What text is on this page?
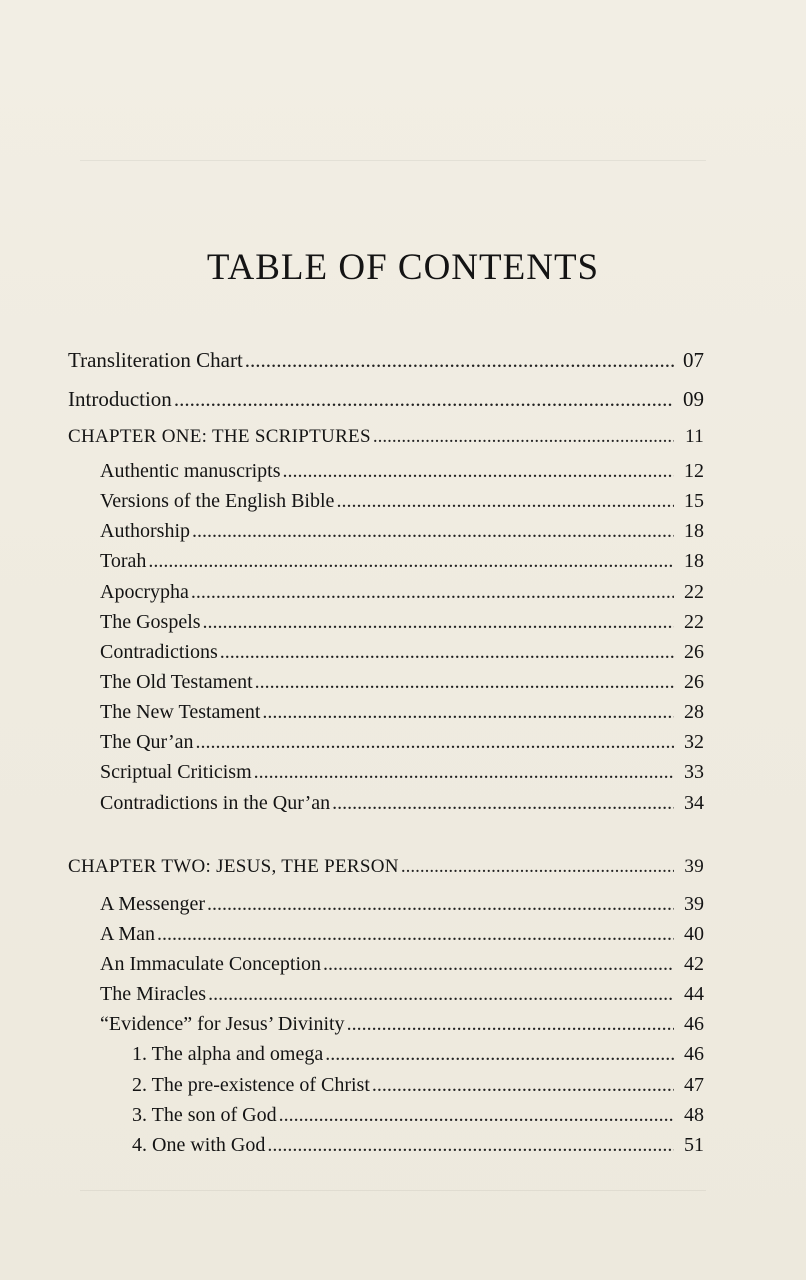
TABLE OF CONTENTS
Transliteration Chart .....	07
Introduction .....	09
CHAPTER ONE: THE SCRIPTURES .....	11
Authentic manuscripts .....	12
Versions of the English Bible .....	15
Authorship .....	18
Torah .....	18
Apocrypha .....	22
The Gospels .....	22
Contradictions .....	26
The Old Testament .....	26
The New Testament .....	28
The Qur’an .....	32
Scriptual Criticism .....	33
Contradictions in the Qur’an .....	34
CHAPTER TWO: JESUS, THE PERSON .....	39
A Messenger .....	39
A Man .....	40
An Immaculate Conception .....	42
The Miracles .....	44
“Evidence” for Jesus’ Divinity .....	46
1. The alpha and omega .....	46
2. The pre-existence of Christ .....	47
3. The son of God .....	48
4. One with God .....	51
